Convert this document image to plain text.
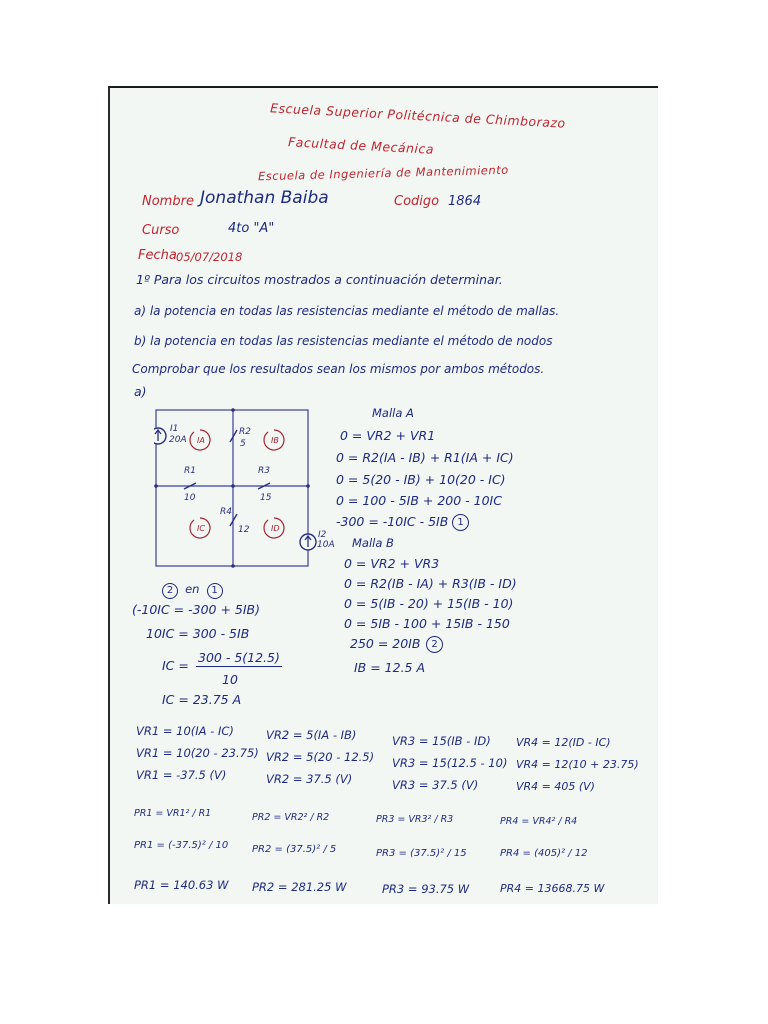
Escuela Superior Politécnica de Chimborazo
Facultad de Mecánica
Escuela de Ingeniería de Mantenimiento
Nombre Jonathan Baiba	Codigo 1864
Curso	4to "A"
Fecha 05/07/2018
1º Para los circuitos mostrados a continuación determinar.
a) la potencia en todas las resistencias mediante el método de mallas.
b) la potencia en todas las resistencias mediante el método de nodos
Comprobar que los resultados sean los mismos por ambos métodos.
a)
I1
20A
I2
10A
R2
5
R1
10
R3
15
R4
12
IA	IB
IC	ID
Malla A
0 = VR2 + VR1
0 = R2(IA - IB) + R1(IA + IC)
0 = 5(20 - IB) + 10(20 - IC)
0 = 100 - 5IB + 200 - 10IC
-300 = -10IC - 5IB 1
Malla B
0 = VR2 + VR3
0 = R2(IB - IA) + R3(IB - ID)
0 = 5(IB - 20) + 15(IB - 10)
0 = 5IB - 100 + 15IB - 150
250 = 20IB	2
IB = 12.5 A
2 en 1
(-10IC = -300 + 5IB)
10IC = 300 - 5IB
IC =
300 - 5(12.5)
10
IC = 23.75 A
VR1 = 10(IA - IC)
VR1 = 10(20 - 23.75)
VR1 = -37.5 (V)
VR2 = 5(IA - IB)
VR2 = 5(20 - 12.5)
VR2 = 37.5 (V)
VR3 = 15(IB - ID)
VR3 = 15(12.5 - 10)
VR3 = 37.5 (V)
VR4 = 12(ID - IC)
VR4 = 12(10 + 23.75)
VR4 = 405 (V)
PR1 = VR1² / R1
PR1 = (-37.5)² / 10
PR1 = 140.63 W
PR2 = VR2² / R2
PR2 = (37.5)² / 5
PR2 = 281.25 W
PR3 = VR3² / R3
PR3 = (37.5)² / 15
PR3 = 93.75 W
PR4 = VR4² / R4
PR4 = (405)² / 12
PR4 = 13668.75 W
